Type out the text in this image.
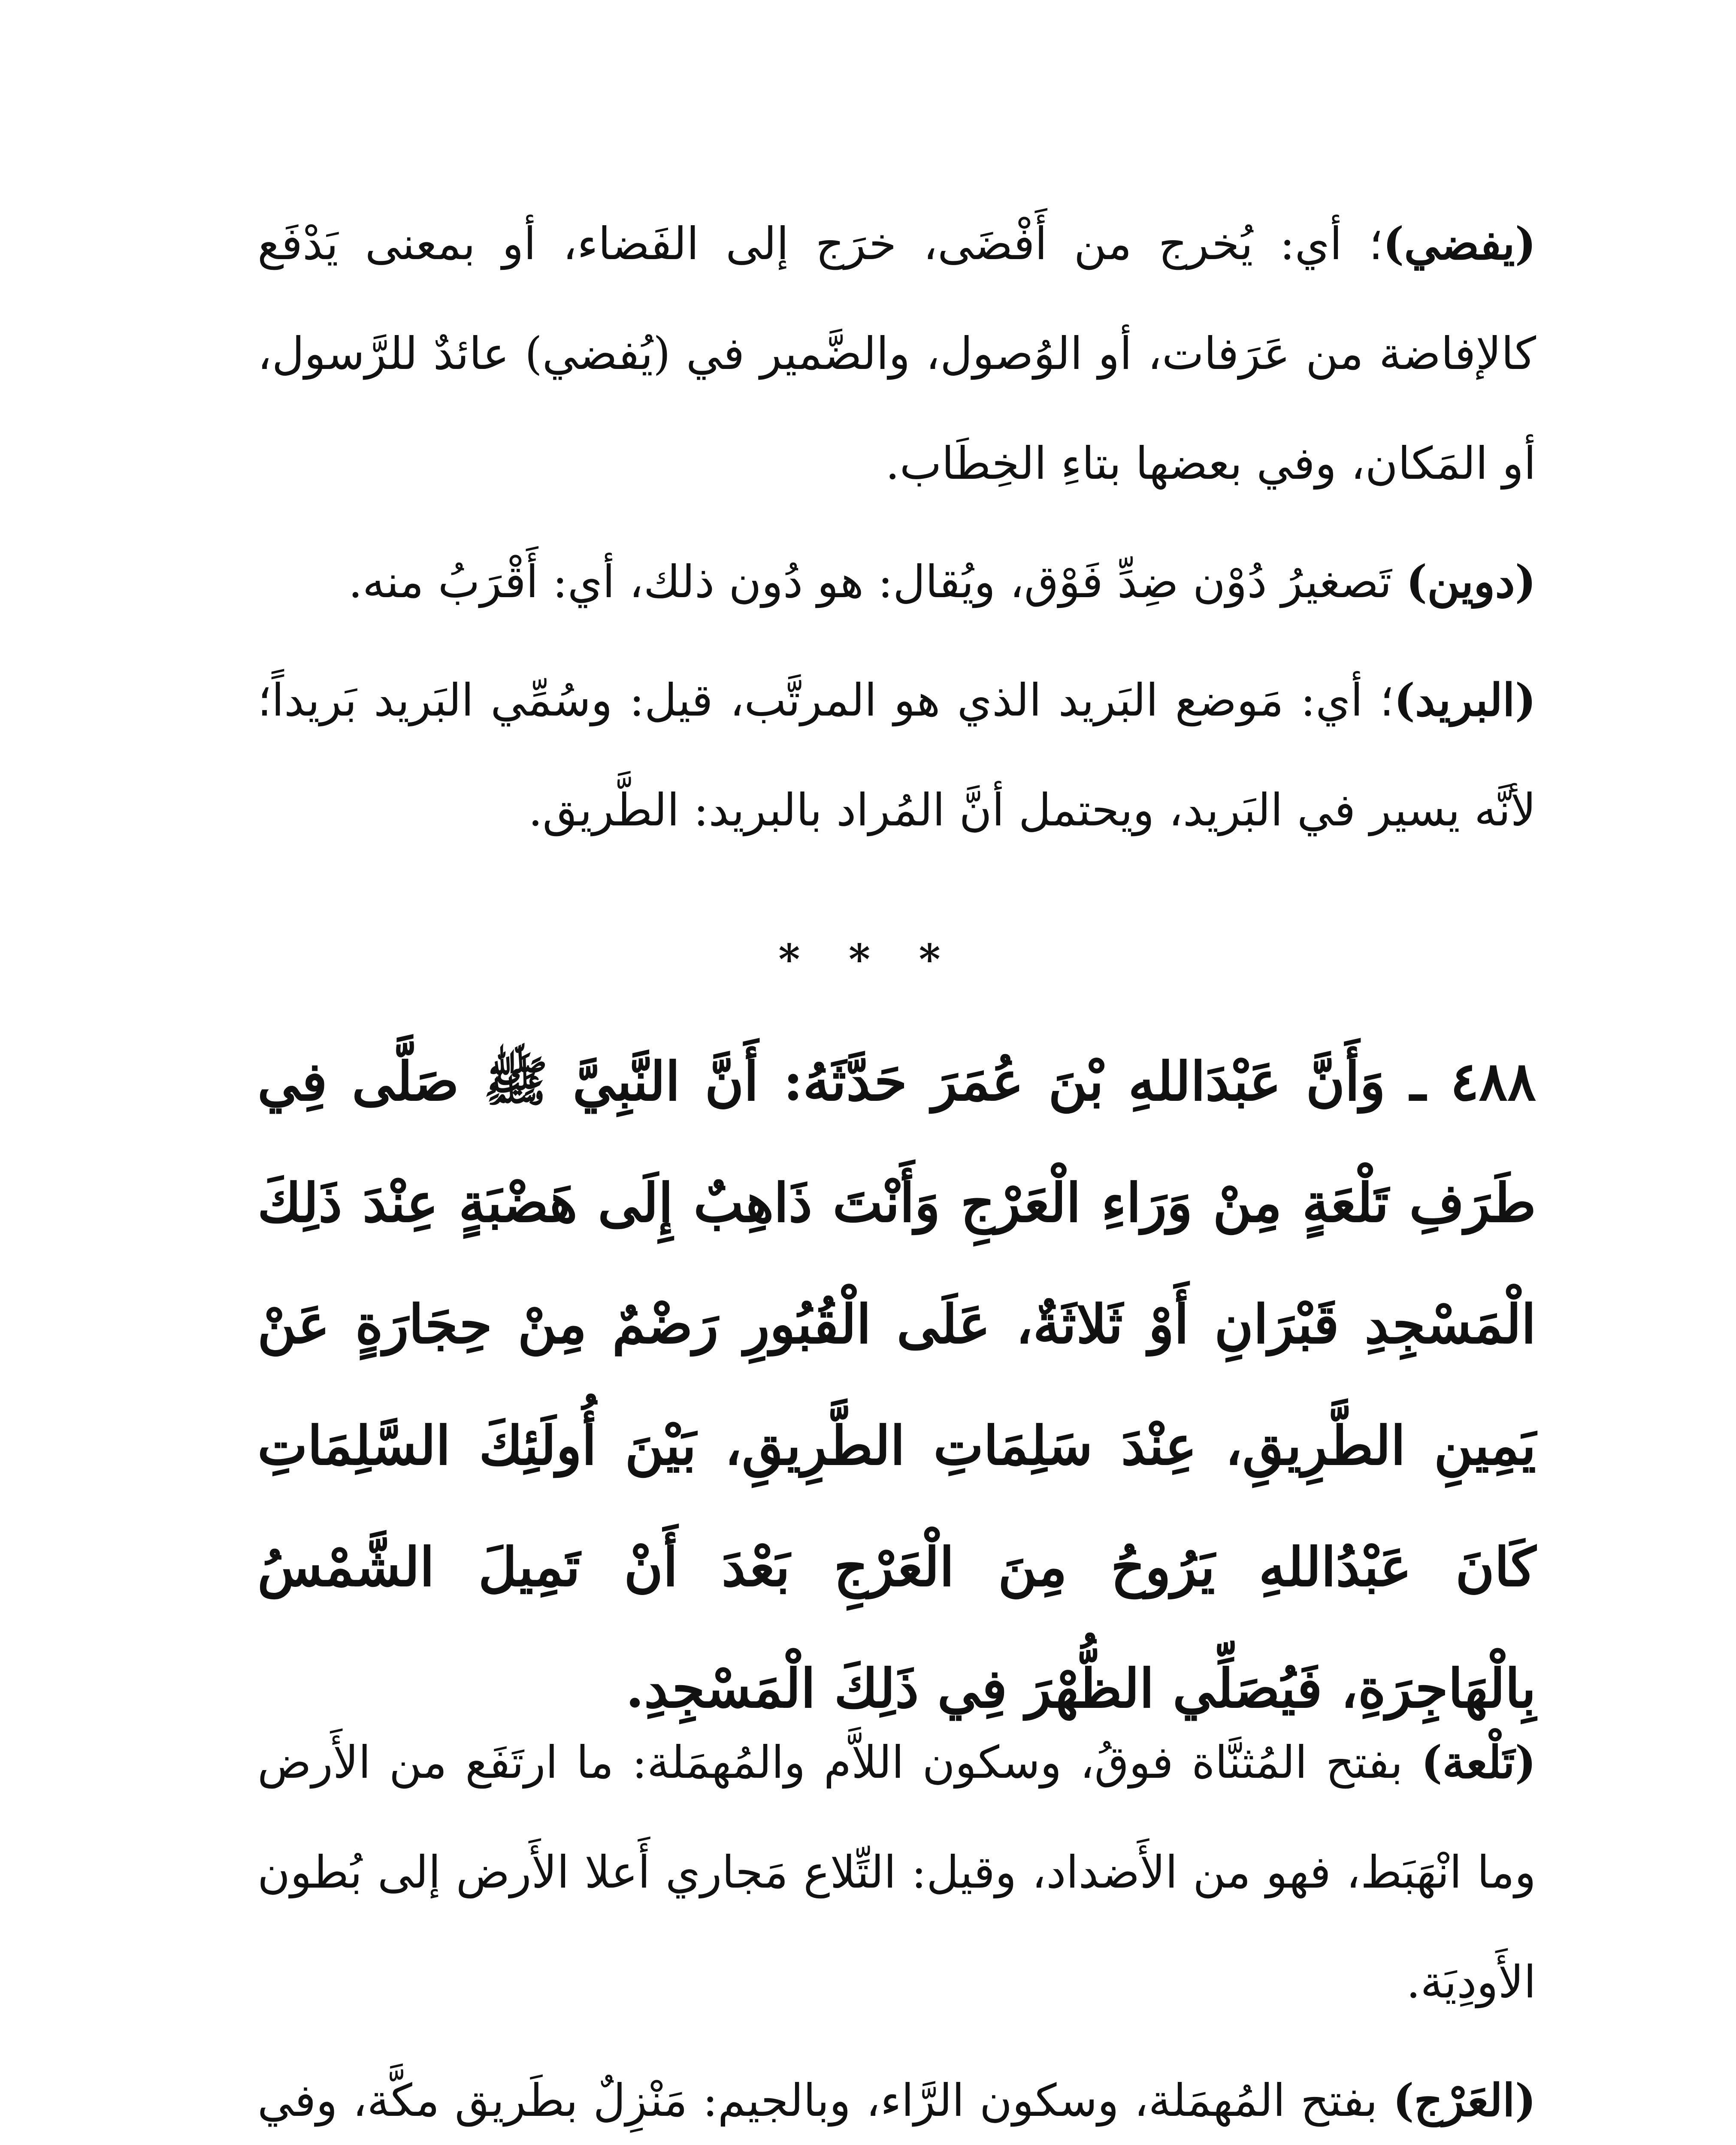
(يفضي)؛ أي: يُخرج من أَفْضَى، خرَج إلى الفَضاء، أو بمعنى يَدْفَع كالإفاضة من عَرَفات، أو الوُصول، والضَّمير في (يُفضي) عائدٌ للرَّسول، أو المَكان، وفي بعضها بتاءِ الخِطَاب.

(دوين) تَصغيرُ دُوْن ضِدِّ فَوْق، ويُقال: هو دُون ذلك، أي: أَقْرَبُ منه.

(البريد)؛ أي: مَوضع البَريد الذي هو المرتَّب، قيل: وسُمِّي البَريد بَريداً؛ لأنَّه يسير في البَريد، ويحتمل أنَّ المُراد بالبريد: الطَّريق.

* * *

٤٨٨ ـ وَأَنَّ عَبْدَاللهِ بْنَ عُمَرَ حَدَّثَهُ: أَنَّ النَّبِيَّ ﷺ صَلَّى فِي طَرَفِ تَلْعَةٍ مِنْ وَرَاءِ الْعَرْجِ وَأَنْتَ ذَاهِبٌ إِلَى هَضْبَةٍ عِنْدَ ذَلِكَ الْمَسْجِدِ قَبْرَانِ أَوْ ثَلاثَةٌ، عَلَى الْقُبُورِ رَضْمٌ مِنْ حِجَارَةٍ عَنْ يَمِينِ الطَّرِيقِ، عِنْدَ سَلِمَاتِ الطَّرِيقِ، بَيْنَ أُولَئِكَ السَّلِمَاتِ كَانَ عَبْدُاللهِ يَرُوحُ مِنَ الْعَرْجِ بَعْدَ أَنْ تَمِيلَ الشَّمْسُ بِالْهَاجِرَةِ، فَيُصَلِّي الظُّهْرَ فِي ذَلِكَ الْمَسْجِدِ.

(تَلْعة) بفتح المُثنَّاة فوقُ، وسكون اللاَّم والمُهمَلة: ما ارتَفَع من الأَرض وما انْهَبَط، فهو من الأَضداد، وقيل: التِّلاع مَجاري أَعلا الأَرض إلى بُطون الأَودِيَة.

(العَرْج) بفتح المُهمَلة، وسكون الرَّاء، وبالجيم: مَنْزِلٌ بطَريق مكَّة، وفي
